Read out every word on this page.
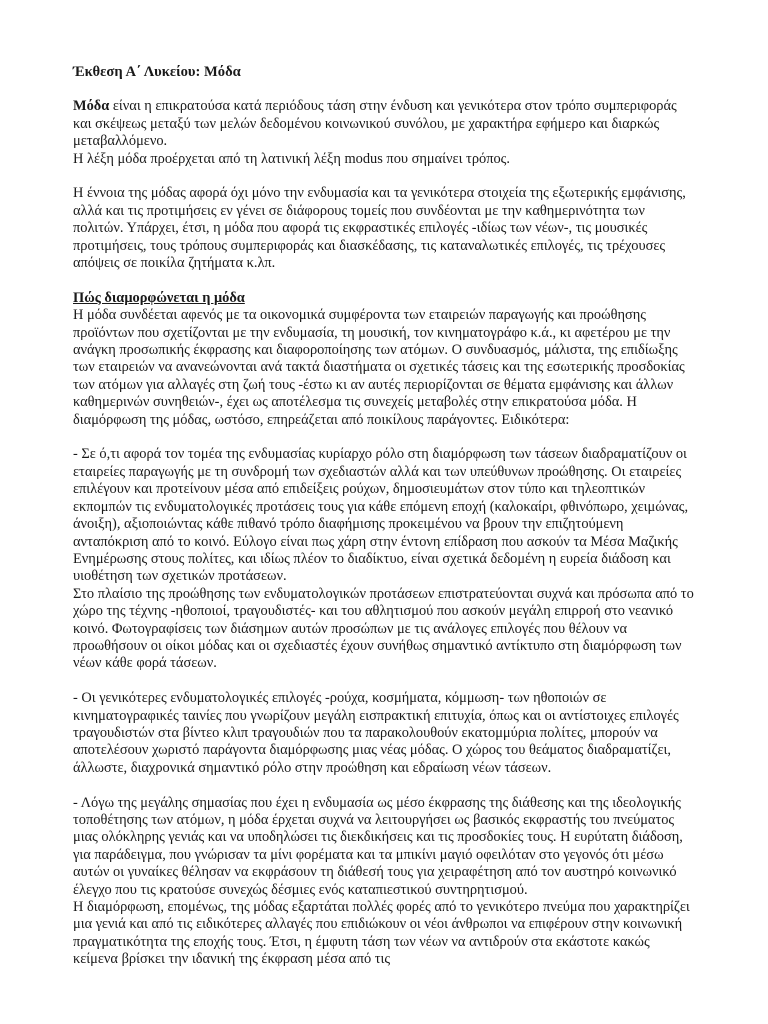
Έκθεση Α΄ Λυκείου: Μόδα

Μόδα είναι η επικρατούσα κατά περιόδους τάση στην ένδυση και γενικότερα στον τρόπο συμπεριφοράς και σκέψεως μεταξύ των μελών δεδομένου κοινωνικού συνόλου, με χαρακτήρα εφήμερο και διαρκώς μεταβαλλόμενο.

Η λέξη μόδα προέρχεται από τη λατινική λέξη modus που σημαίνει τρόπος.

Η έννοια της μόδας αφορά όχι μόνο την ενδυμασία και τα γενικότερα στοιχεία της εξωτερικής εμφάνισης, αλλά και τις προτιμήσεις εν γένει σε διάφορους τομείς που συνδέονται με την καθημερινότητα των πολιτών. Υπάρχει, έτσι, η μόδα που αφορά τις εκφραστικές επιλογές -ιδίως των νέων-, τις μουσικές προτιμήσεις, τους τρόπους συμπεριφοράς και διασκέδασης, τις καταναλωτικές επιλογές, τις τρέχουσες απόψεις σε ποικίλα ζητήματα κ.λπ.

Πώς διαμορφώνεται η μόδα

Η μόδα συνδέεται αφενός με τα οικονομικά συμφέροντα των εταιρειών παραγωγής και προώθησης προϊόντων που σχετίζονται με την ενδυμασία, τη μουσική, τον κινηματογράφο κ.ά., κι αφετέρου με την ανάγκη προσωπικής έκφρασης και διαφοροποίησης των ατόμων. Ο συνδυασμός, μάλιστα, της επιδίωξης των εταιρειών να ανανεώνονται ανά τακτά διαστήματα οι σχετικές τάσεις και της εσωτερικής προσδοκίας των ατόμων για αλλαγές στη ζωή τους -έστω κι αν αυτές περιορίζονται σε θέματα εμφάνισης και άλλων καθημερινών συνηθειών-, έχει ως αποτέλεσμα τις συνεχείς μεταβολές στην επικρατούσα μόδα. Η διαμόρφωση της μόδας, ωστόσο, επηρεάζεται από ποικίλους παράγοντες. Ειδικότερα:

- Σε ό,τι αφορά τον τομέα της ενδυμασίας κυρίαρχο ρόλο στη διαμόρφωση των τάσεων διαδραματίζουν οι εταιρείες παραγωγής με τη συνδρομή των σχεδιαστών αλλά και των υπεύθυνων προώθησης. Οι εταιρείες επιλέγουν και προτείνουν μέσα από επιδείξεις ρούχων, δημοσιευμάτων στον τύπο και τηλεοπτικών εκπομπών τις ενδυματολογικές προτάσεις τους για κάθε επόμενη εποχή (καλοκαίρι, φθινόπωρο, χειμώνας, άνοιξη), αξιοποιώντας κάθε πιθανό τρόπο διαφήμισης προκειμένου να βρουν την επιζητούμενη ανταπόκριση από το κοινό. Εύλογο είναι πως χάρη στην έντονη επίδραση που ασκούν τα Μέσα Μαζικής Ενημέρωσης στους πολίτες, και ιδίως πλέον το διαδίκτυο, είναι σχετικά δεδομένη η ευρεία διάδοση και υιοθέτηση των σχετικών προτάσεων.

Στο πλαίσιο της προώθησης των ενδυματολογικών προτάσεων επιστρατεύονται συχνά και πρόσωπα από το χώρο της τέχνης -ηθοποιοί, τραγουδιστές- και του αθλητισμού που ασκούν μεγάλη επιρροή στο νεανικό κοινό. Φωτογραφίσεις των διάσημων αυτών προσώπων με τις ανάλογες επιλογές που θέλουν να προωθήσουν οι οίκοι μόδας και οι σχεδιαστές έχουν συνήθως σημαντικό αντίκτυπο στη διαμόρφωση των νέων κάθε φορά τάσεων.

- Οι γενικότερες ενδυματολογικές επιλογές -ρούχα, κοσμήματα, κόμμωση- των ηθοποιών σε κινηματογραφικές ταινίες που γνωρίζουν μεγάλη εισπρακτική επιτυχία, όπως και οι αντίστοιχες επιλογές τραγουδιστών στα βίντεο κλιπ τραγουδιών που τα παρακολουθούν εκατομμύρια πολίτες, μπορούν να αποτελέσουν χωριστό παράγοντα διαμόρφωσης μιας νέας μόδας. Ο χώρος του θεάματος διαδραματίζει, άλλωστε, διαχρονικά σημαντικό ρόλο στην προώθηση και εδραίωση νέων τάσεων.

- Λόγω της μεγάλης σημασίας που έχει η ενδυμασία ως μέσο έκφρασης της διάθεσης και της ιδεολογικής τοποθέτησης των ατόμων, η μόδα έρχεται συχνά να λειτουργήσει ως βασικός εκφραστής του πνεύματος μιας ολόκληρης γενιάς και να υποδηλώσει τις διεκδικήσεις και τις προσδοκίες τους. Η ευρύτατη διάδοση, για παράδειγμα, που γνώρισαν τα μίνι φορέματα και τα μπικίνι μαγιό οφειλόταν στο γεγονός ότι μέσω αυτών οι γυναίκες θέλησαν να εκφράσουν τη διάθεσή τους για χειραφέτηση από τον αυστηρό κοινωνικό έλεγχο που τις κρατούσε συνεχώς δέσμιες ενός καταπιεστικού συντηρητισμού.

Η διαμόρφωση, επομένως, της μόδας εξαρτάται πολλές φορές από το γενικότερο πνεύμα που χαρακτηρίζει μια γενιά και από τις ειδικότερες αλλαγές που επιδιώκουν οι νέοι άνθρωποι να επιφέρουν στην κοινωνική πραγματικότητα της εποχής τους. Έτσι, η έμφυτη τάση των νέων να αντιδρούν στα εκάστοτε κακώς κείμενα βρίσκει την ιδανική της έκφραση μέσα από τις
